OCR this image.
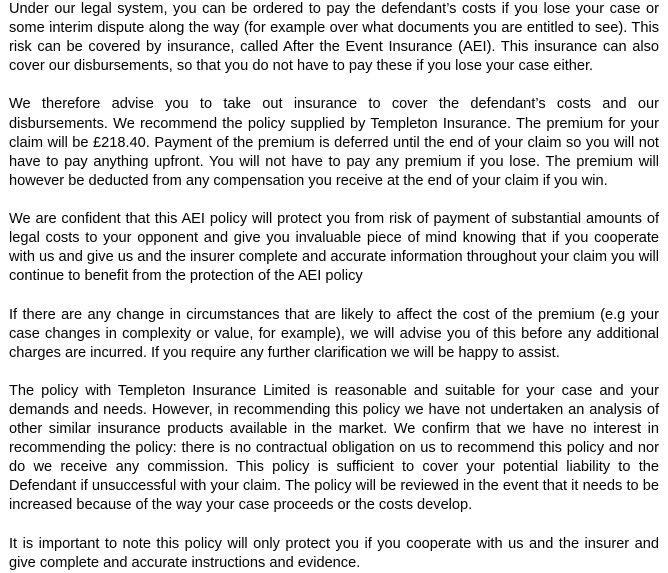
Under our legal system, you can be ordered to pay the defendant’s costs if you lose your case or some interim dispute along the way (for example over what documents you are entitled to see). This risk can be covered by insurance, called After the Event Insurance (AEI). This insurance can also cover our disbursements, so that you do not have to pay these if you lose your case either.

We therefore advise you to take out insurance to cover the defendant’s costs and our disbursements. We recommend the policy supplied by Templeton Insurance. The premium for your claim will be £218.40. Payment of the premium is deferred until the end of your claim so you will not have to pay anything upfront. You will not have to pay any premium if you lose. The premium will however be deducted from any compensation you receive at the end of your claim if you win.

We are confident that this AEI policy will protect you from risk of payment of substantial amounts of legal costs to your opponent and give you invaluable piece of mind knowing that if you cooperate with us and give us and the insurer complete and accurate information throughout your claim you will continue to benefit from the protection of the AEI policy

If there are any change in circumstances that are likely to affect the cost of the premium (e.g your case changes in complexity or value, for example), we will advise you of this before any additional charges are incurred. If you require any further clarification we will be happy to assist.

The policy with Templeton Insurance Limited is reasonable and suitable for your case and your demands and needs. However, in recommending this policy we have not undertaken an analysis of other similar insurance products available in the market. We confirm that we have no interest in recommending the policy: there is no contractual obligation on us to recommend this policy and nor do we receive any commission. This policy is sufficient to cover your potential liability to the Defendant if unsuccessful with your claim. The policy will be reviewed in the event that it needs to be increased because of the way your case proceeds or the costs develop.

It is important to note this policy will only protect you if you cooperate with us and the insurer and give complete and accurate instructions and evidence.
